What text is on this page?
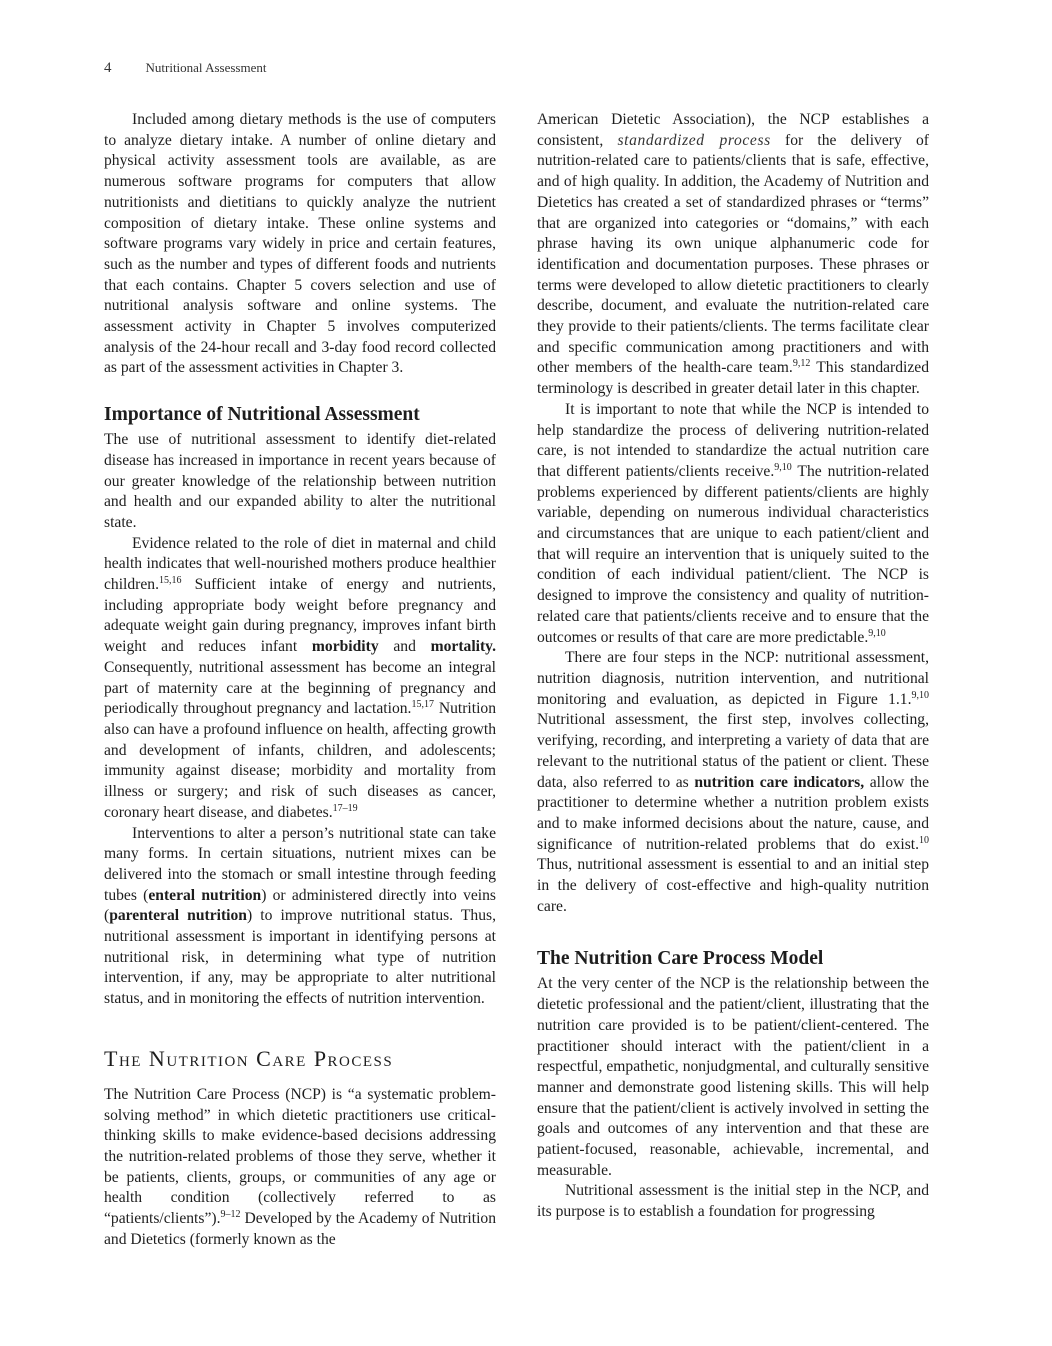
4	Nutritional Assessment

Included among dietary methods is the use of computers to analyze dietary intake. A number of online dietary and physical activity assessment tools are available, as are numerous software programs for computers that allow nutritionists and dietitians to quickly analyze the nutrient composition of dietary intake. These online systems and software programs vary widely in price and certain features, such as the number and types of different foods and nutrients that each contains. Chapter 5 covers selection and use of nutritional analysis software and online systems. The assessment activity in Chapter 5 involves computerized analysis of the 24-hour recall and 3-day food record collected as part of the assessment activities in Chapter 3.

Importance of Nutritional Assessment

The use of nutritional assessment to identify diet-related disease has increased in importance in recent years because of our greater knowledge of the relationship between nutrition and health and our expanded ability to alter the nutritional state.

Evidence related to the role of diet in maternal and child health indicates that well-nourished mothers produce healthier children.$^{15,16}$ Sufficient intake of energy and nutrients, including appropriate body weight before pregnancy and adequate weight gain during pregnancy, improves infant birth weight and reduces infant morbidity and mortality. Consequently, nutritional assessment has become an integral part of maternity care at the beginning of pregnancy and periodically throughout pregnancy and lactation.$^{15,17}$ Nutrition also can have a profound influence on health, affecting growth and development of infants, children, and adolescents; immunity against disease; morbidity and mortality from illness or surgery; and risk of such diseases as cancer, coronary heart disease, and diabetes.$^{17-19}$

Interventions to alter a person’s nutritional state can take many forms. In certain situations, nutrient mixes can be delivered into the stomach or small intestine through feeding tubes (enteral nutrition) or administered directly into veins (parenteral nutrition) to improve nutritional status. Thus, nutritional assessment is important in identifying persons at nutritional risk, in determining what type of nutrition intervention, if any, may be appropriate to alter nutritional status, and in monitoring the effects of nutrition intervention.

The Nutrition Care Process

The Nutrition Care Process (NCP) is “a systematic problem-solving method” in which dietetic practitioners use critical-thinking skills to make evidence-based decisions addressing the nutrition-related problems of those they serve, whether it be patients, clients, groups, or communities of any age or health condition (collectively referred to as “patients/clients”).$^{9-12}$ Developed by the Academy of Nutrition and Dietetics (formerly known as the

American Dietetic Association), the NCP establishes a consistent, standardized process for the delivery of nutrition-related care to patients/clients that is safe, effective, and of high quality. In addition, the Academy of Nutrition and Dietetics has created a set of standardized phrases or “terms” that are organized into categories or “domains,” with each phrase having its own unique alphanumeric code for identification and documentation purposes. These phrases or terms were developed to allow dietetic practitioners to clearly describe, document, and evaluate the nutrition-related care they provide to their patients/clients. The terms facilitate clear and specific communication among practitioners and with other members of the health-care team.$^{9,12}$ This standardized terminology is described in greater detail later in this chapter.

It is important to note that while the NCP is intended to help standardize the process of delivering nutrition-related care, is not intended to standardize the actual nutrition care that different patients/clients receive.$^{9,10}$ The nutrition-related problems experienced by different patients/clients are highly variable, depending on numerous individual characteristics and circumstances that are unique to each patient/client and that will require an intervention that is uniquely suited to the condition of each individual patient/client. The NCP is designed to improve the consistency and quality of nutrition-related care that patients/clients receive and to ensure that the outcomes or results of that care are more predictable.$^{9,10}$

There are four steps in the NCP: nutritional assessment, nutrition diagnosis, nutrition intervention, and nutritional monitoring and evaluation, as depicted in Figure 1.1.$^{9,10}$ Nutritional assessment, the first step, involves collecting, verifying, recording, and interpreting a variety of data that are relevant to the nutritional status of the patient or client. These data, also referred to as nutrition care indicators, allow the practitioner to determine whether a nutrition problem exists and to make informed decisions about the nature, cause, and significance of nutrition-related problems that do exist.$^{10}$ Thus, nutritional assessment is essential to and an initial step in the delivery of cost-effective and high-quality nutrition care.

The Nutrition Care Process Model

At the very center of the NCP is the relationship between the dietetic professional and the patient/client, illustrating that the nutrition care provided is to be patient/client-centered. The practitioner should interact with the patient/client in a respectful, empathetic, nonjudgmental, and culturally sensitive manner and demonstrate good listening skills. This will help ensure that the patient/client is actively involved in setting the goals and outcomes of any intervention and that these are patient-focused, reasonable, achievable, incremental, and measurable.

Nutritional assessment is the initial step in the NCP, and its purpose is to establish a foundation for progressing
